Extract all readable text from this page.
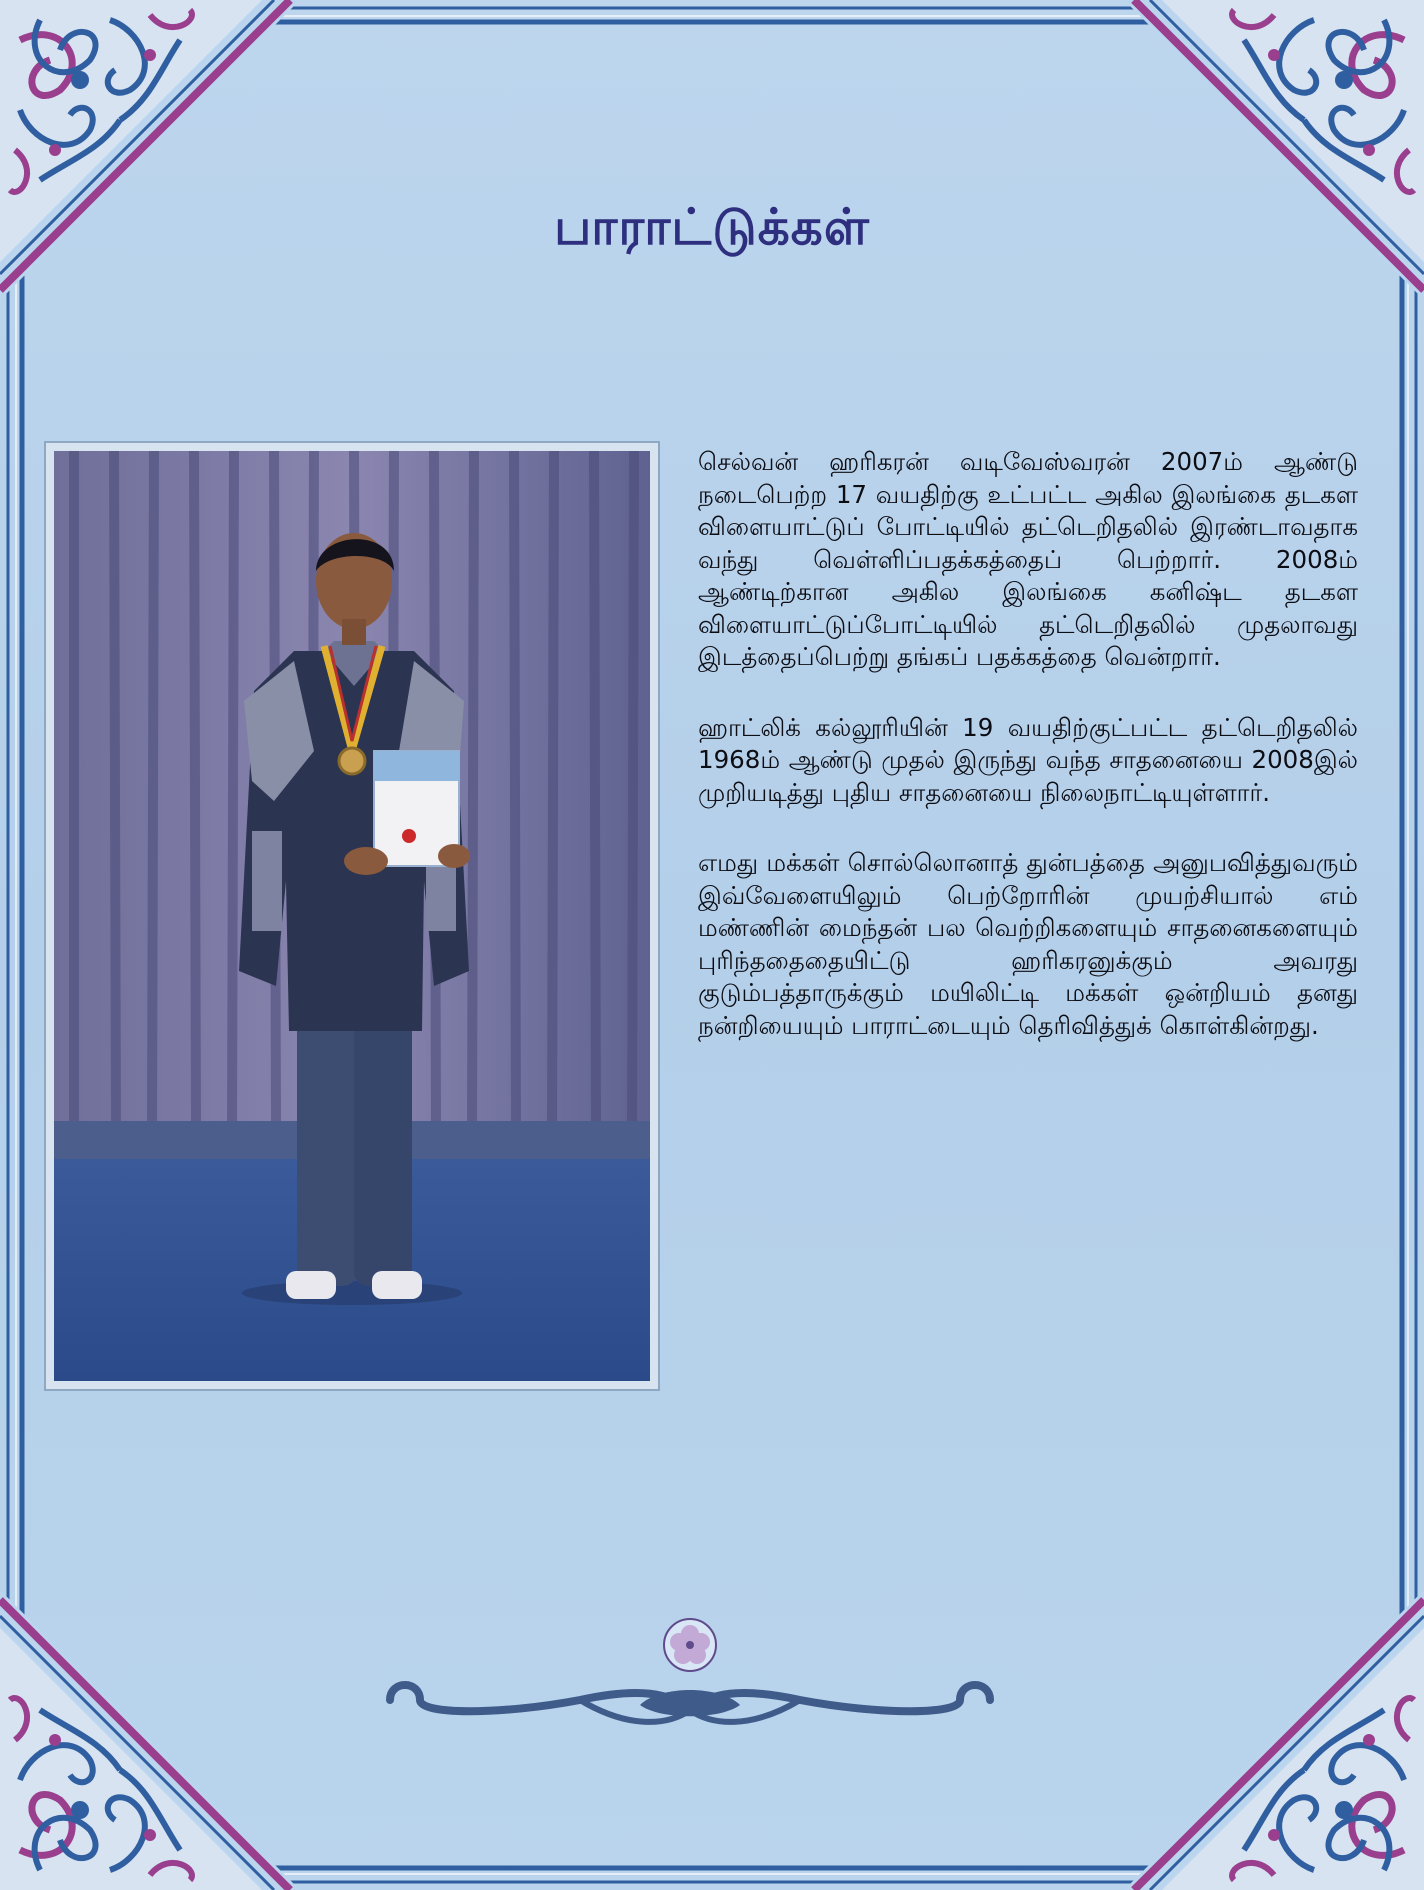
பாராட்டுக்கள்

செல்வன் ஹரிகரன் வடிவேஸ்வரன் 2007ம் ஆண்டு நடைபெற்ற 17 வயதிற்கு உட்பட்ட அகில இலங்கை தடகள விளையாட்டுப் போட்டியில் தட்டெறிதலில் இரண்டாவதாக வந்து வெள்ளிப்பதக்கத்தைப் பெற்றார். 2008ம் ஆண்டிற்கான அகில இலங்கை கனிஷ்ட தடகள விளையாட்டுப்போட்டியில் தட்டெறிதலில் முதலாவது இடத்தைப்பெற்று தங்கப் பதக்கத்தை வென்றார்.

ஹாட்லிக் கல்லூரியின் 19 வயதிற்குட்பட்ட தட்டெறிதலில் 1968ம் ஆண்டு முதல் இருந்து வந்த சாதனையை 2008இல் முறியடித்து புதிய சாதனையை நிலைநாட்டியுள்ளார்.

எமது மக்கள் சொல்லொனாத் துன்பத்தை அனுபவித்துவரும் இவ்வேளையிலும் பெற்றோரின் முயற்சியால் எம் மண்ணின் மைந்தன் பல வெற்றிகளையும் சாதனைகளையும் புரிந்ததைதையிட்டு ஹரிகரனுக்கும் அவரது குடும்பத்தாருக்கும் மயிலிட்டி மக்கள் ஒன்றியம் தனது நன்றியையும் பாராட்டையும் தெரிவித்துக் கொள்கின்றது.
